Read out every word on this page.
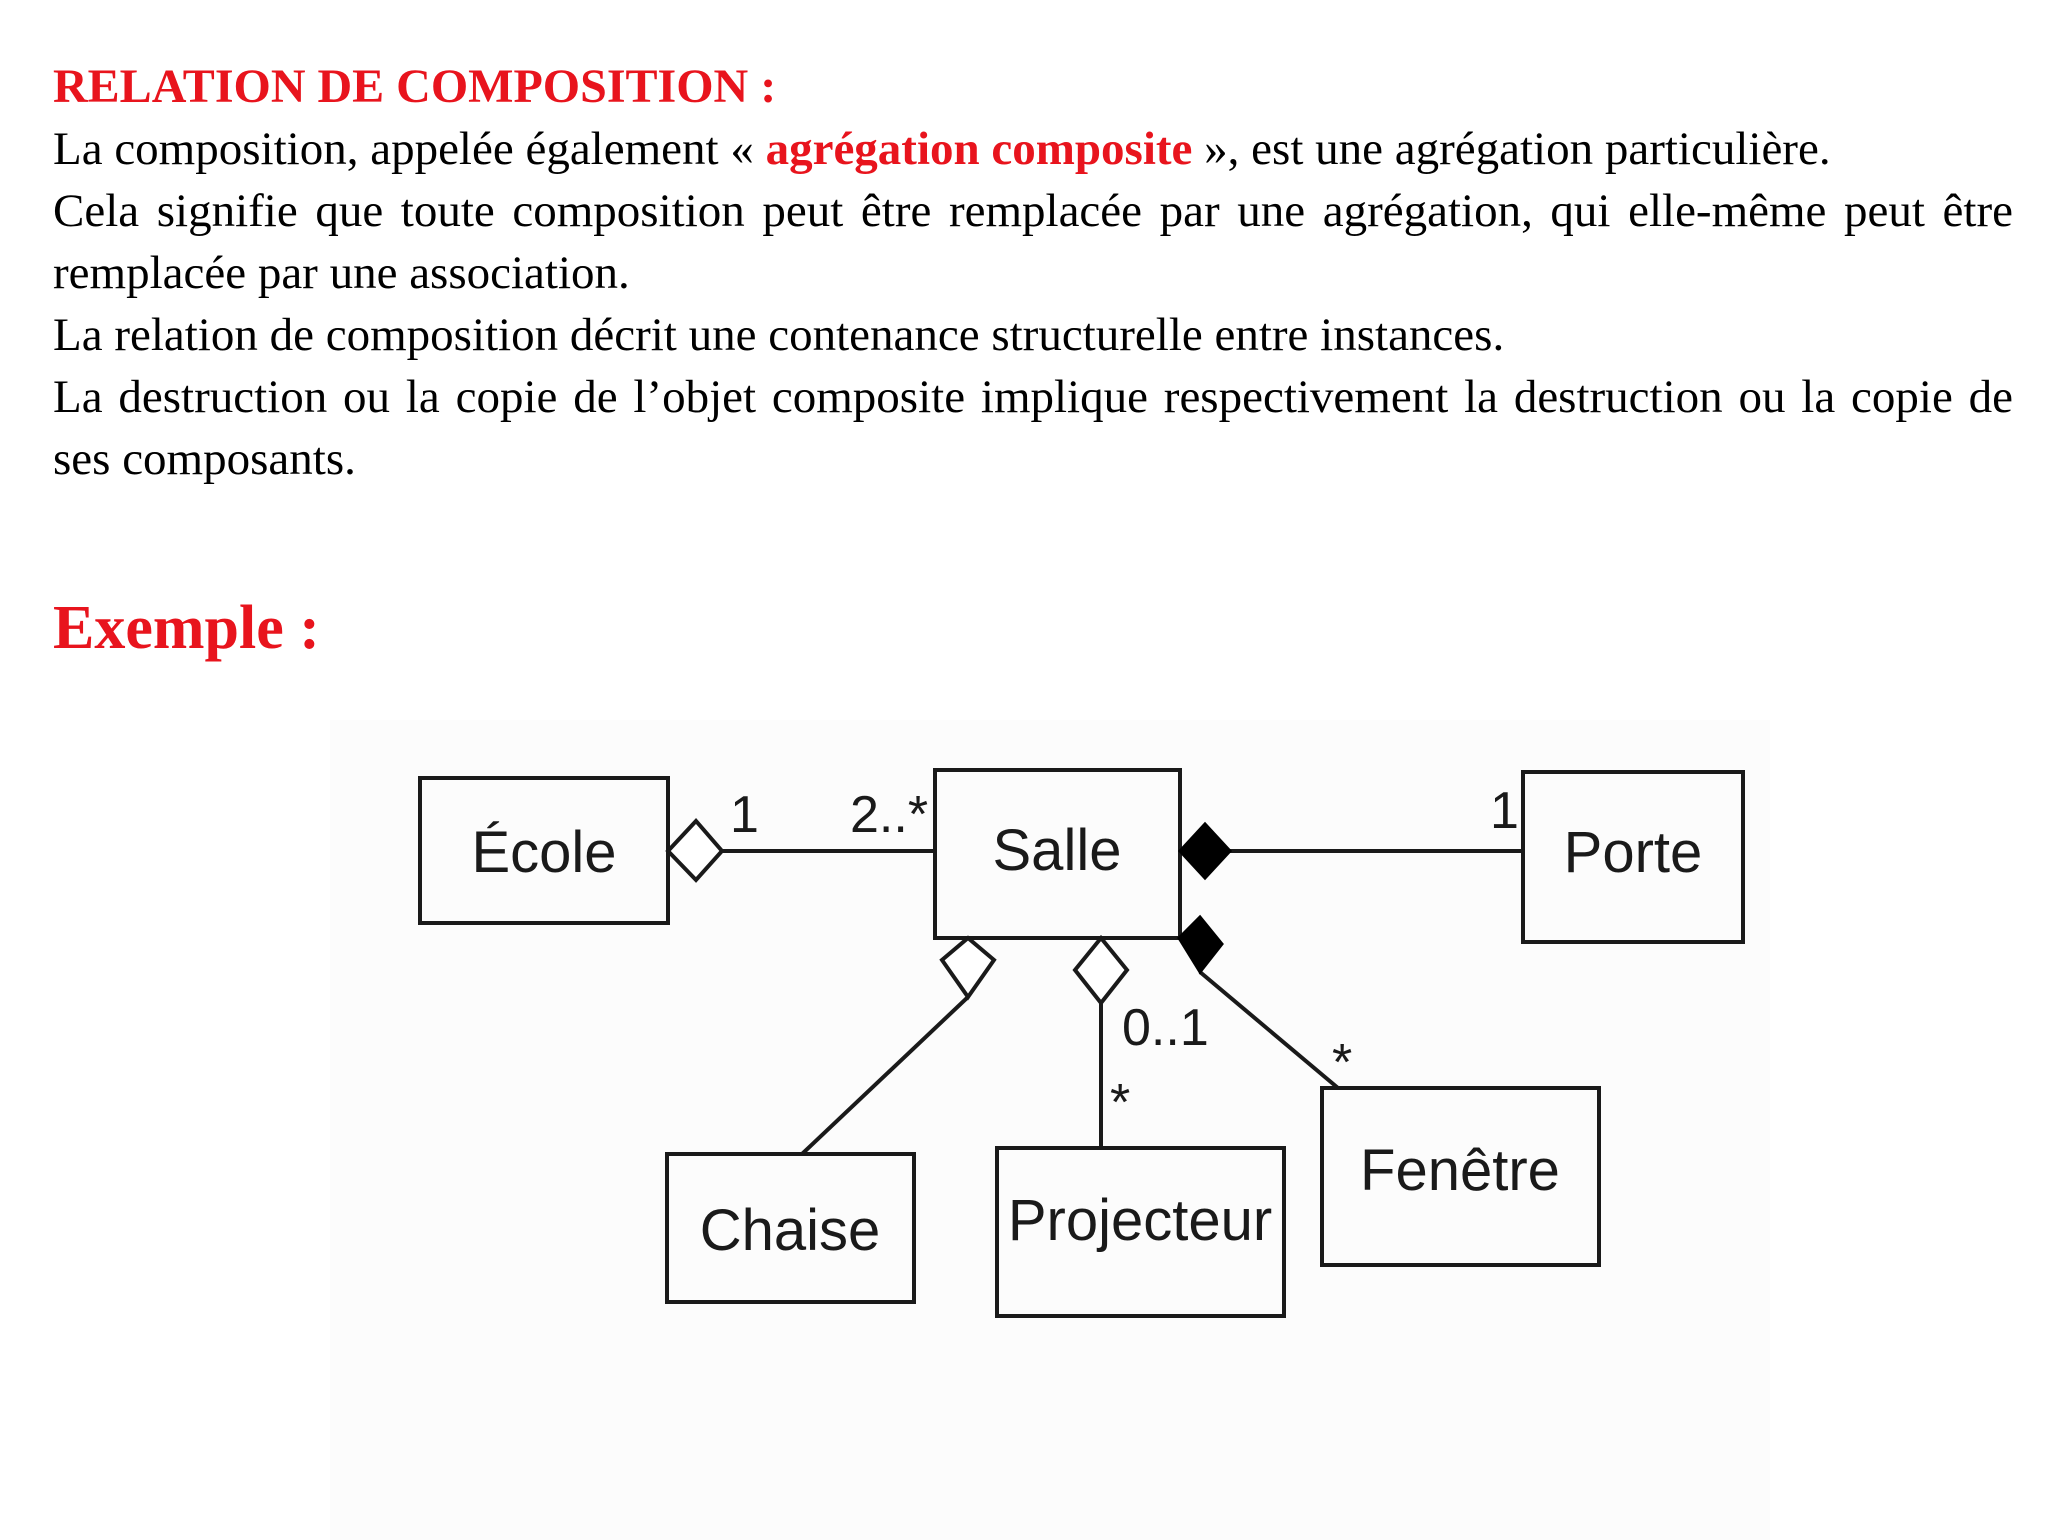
RELATION DE COMPOSITION :

La composition, appelée également « agrégation composite », est une agrégation particulière.

Cela signifie que toute composition peut être remplacée par une agrégation, qui elle-même peut être remplacée par une association.

La relation de composition décrit une contenance structurelle entre instances.

La destruction ou la copie de l’objet composite implique respectivement la destruction ou la copie de ses composants.

Exemple :

École	Salle	Porte
Chaise Projecteur
Fenêtre
1 2..*	1
0..1
*
*
